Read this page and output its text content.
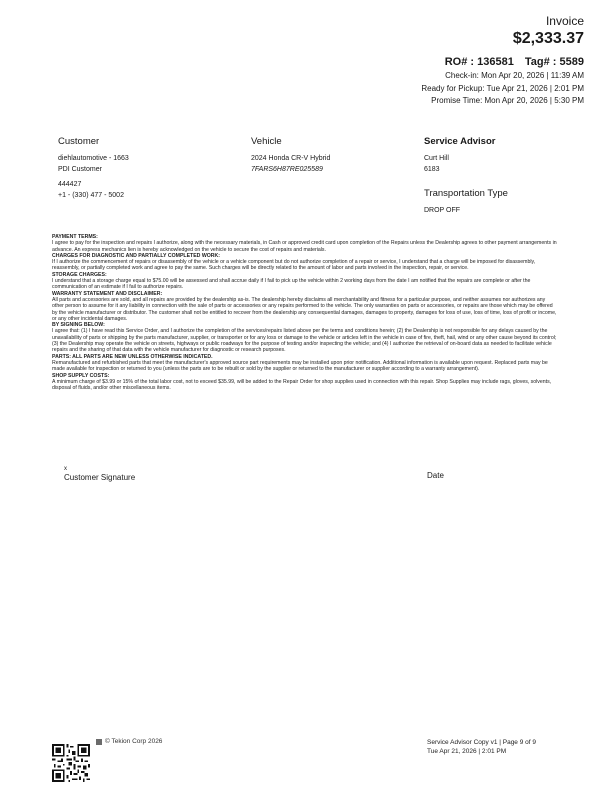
Invoice
$2,333.37
RO# : 136581 Tag# : 5589
Check-in: Mon Apr 20, 2026 | 11:39 AM
Ready for Pickup: Tue Apr 21, 2026 | 2:01 PM
Promise Time: Mon Apr 20, 2026 | 5:30 PM
Customer
diehlautomotive - 1663
PDI Customer
444427
+1 - (330) 477 - 5002
Vehicle
2024 Honda CR-V Hybrid
7FARS6H87RE025589
Service Advisor
Curt Hill
6183
Transportation Type
DROP OFF

PAYMENT TERMS:

I agree to pay for the inspection and repairs I authorize, along with the necessary materials, in Cash or approved credit card upon completion of the Repairs unless the Dealership agrees to other payment arrangements in advance. An express mechanics lien is hereby acknowledged on the vehicle to secure the cost of repairs and materials.

CHARGES FOR DIAGNOSTIC AND PARTIALLY COMPLETED WORK:

If I authorize the commencement of repairs or disassembly of the vehicle or a vehicle component but do not authorize completion of a repair or service, I understand that a charge will be imposed for disassembly, reassembly, or partially completed work and agree to pay the same. Such charges will be directly related to the amount of labor and parts involved in the inspection, repair, or service.

STORAGE CHARGES:

I understand that a storage charge equal to $75.00 will be assessed and shall accrue daily if I fail to pick up the vehicle within 2 working days from the date I am notified that the repairs are complete or after the communication of an estimate if I fail to authorize repairs.

WARRANTY STATEMENT AND DISCLAIMER:

All parts and accessories are sold, and all repairs are provided by the dealership as-is. The dealership hereby disclaims all merchantability and fitness for a particular purpose, and neither assumes nor authorizes any other person to assume for it any liability in connection with the sale of parts or accessories or any repairs performed to the vehicle. The only warranties on parts or accessories, or repairs are those which may be offered by the vehicle manufacturer or distributor. The customer shall not be entitled to recover from the dealership any consequential damages, damages to property, damages for loss of use, loss of time, loss of profit or income, or any other incidental damages.

BY SIGNING BELOW:

I agree that: (1) I have read this Service Order, and I authorize the completion of the services/repairs listed above per the terms and conditions herein; (2) the Dealership is not responsible for any delays caused by the unavailability of parts or shipping by the parts manufacturer, supplier, or transporter or for any loss or damage to the vehicle or articles left in the vehicle in case of fire, theft, hail, wind or any other cause beyond its control; (3) the Dealership may operate the vehicle on streets, highways or public roadways for the purpose of testing and/or inspecting the vehicle; and (4) I authorize the retrieval of on-board data as needed to facilitate vehicle repairs and the sharing of that data with the vehicle manufacturer for diagnostic or research purposes.

PARTS: ALL PARTS ARE NEW UNLESS OTHERWISE INDICATED.

Remanufactured and refurbished parts that meet the manufacturer's approved source part requirements may be installed upon prior notification. Additional information is available upon request. Replaced parts may be made available for inspection or returned to you (unless the parts are to be rebuilt or sold by the supplier or returned to the manufacturer or supplier according to a warranty arrangement).

SHOP SUPPLY COSTS:

A minimum charge of $3.99 or 15% of the total labor cost, not to exceed $35.99, will be added to the Repair Order for shop supplies used in connection with this repair. Shop Supplies may include rags, gloves, solvents, disposal of fluids, and/or other miscellaneous items.

x
Customer Signature	Date
© Tekion Corp 2026	Service Advisor Copy v1 | Page 9 of 9
Tue Apr 21, 2026 | 2:01 PM
